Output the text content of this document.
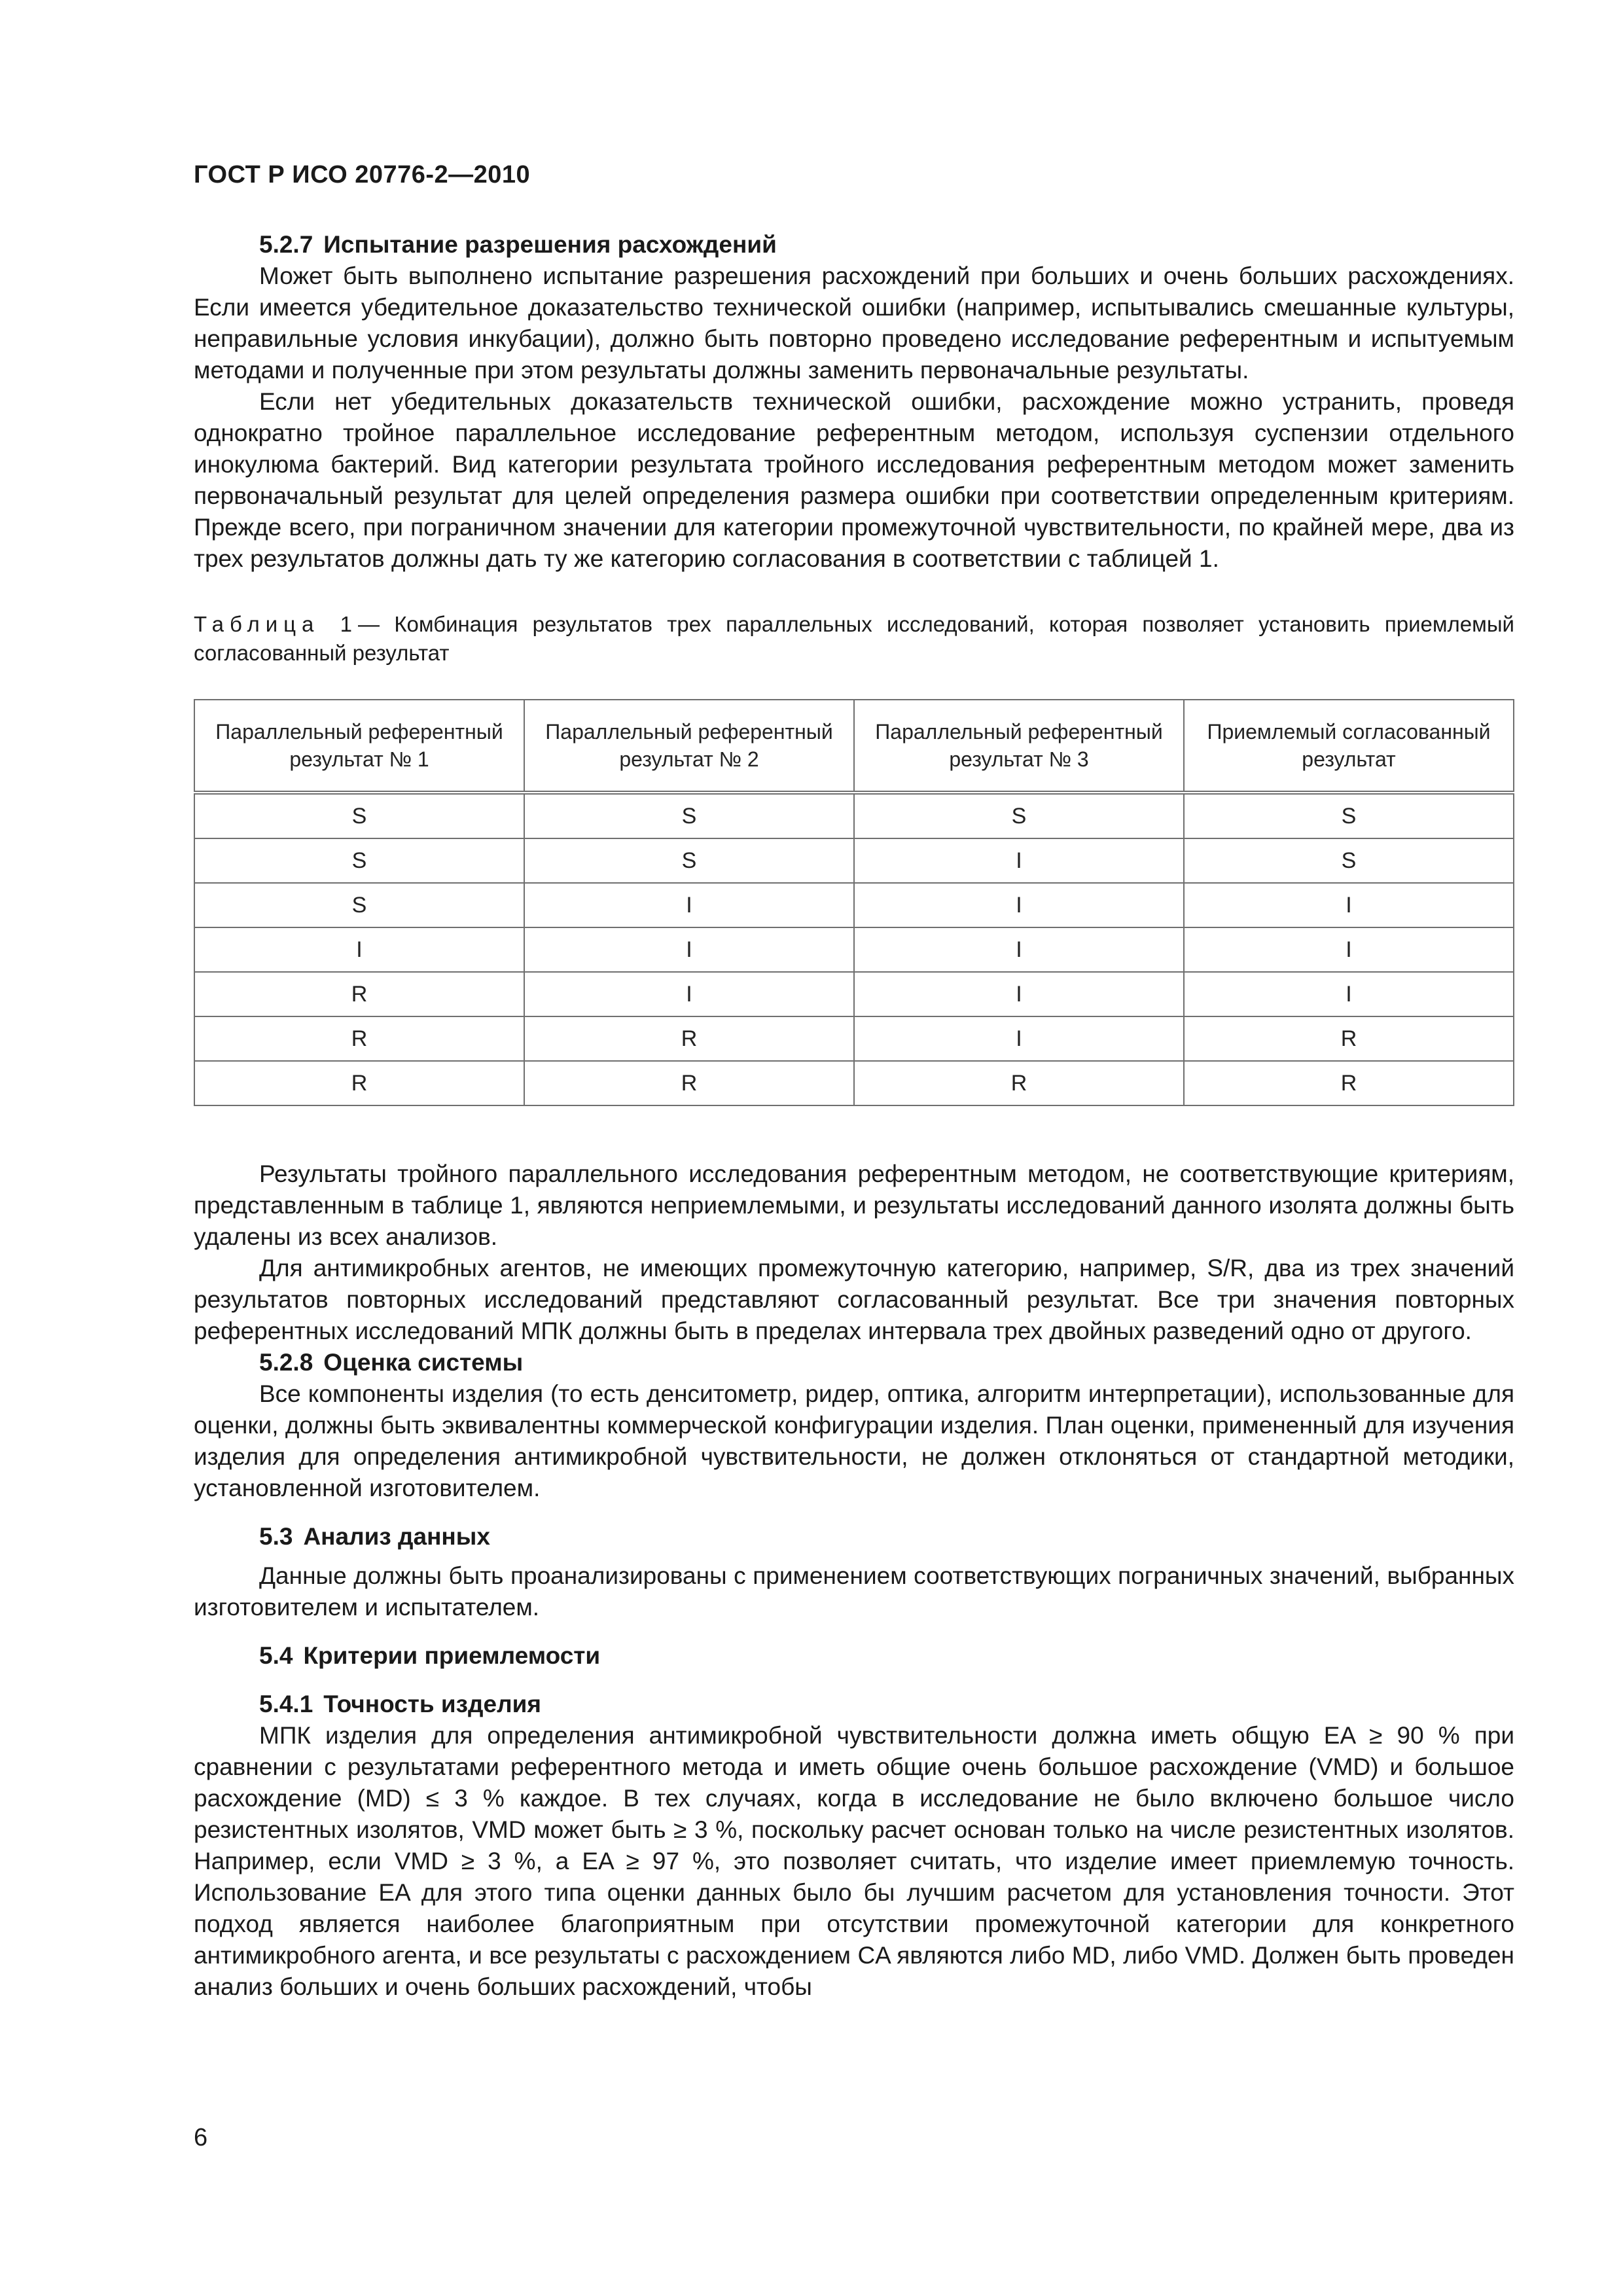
ГОСТ Р ИСО 20776-2—2010

5.2.7 Испытание разрешения расхождений

Может быть выполнено испытание разрешения расхождений при больших и очень больших расхождениях. Если имеется убедительное доказательство технической ошибки (например, испытывались смешанные культуры, неправильные условия инкубации), должно быть повторно проведено исследование референтным и испытуемым методами и полученные при этом результаты должны заменить первоначальные результаты.

Если нет убедительных доказательств технической ошибки, расхождение можно устранить, проведя однократно тройное параллельное исследование референтным методом, используя суспензии отдельного инокулюма бактерий. Вид категории результата тройного исследования референтным методом может заменить первоначальный результат для целей определения размера ошибки при соответствии определенным критериям. Прежде всего, при пограничном значении для категории промежуточной чувствительности, по крайней мере, два из трех результатов должны дать ту же категорию согласования в соответствии с таблицей 1.

Таблица 1— Комбинация результатов трех параллельных исследований, которая позволяет установить приемлемый согласованный результат

Параллельный референтный результат № 1	Параллельный референтный результат № 2	Параллельный референтный результат № 3	Приемлемый согласованный результат
S	S	S	S
S	S	I	S
S	I	I	I
I	I	I	I
R	I	I	I
R	R	I	R
R	R	R	R

Результаты тройного параллельного исследования референтным методом, не соответствующие критериям, представленным в таблице 1, являются неприемлемыми, и результаты исследований данного изолята должны быть удалены из всех анализов.

Для антимикробных агентов, не имеющих промежуточную категорию, например, S/R, два из трех значений результатов повторных исследований представляют согласованный результат. Все три значения повторных референтных исследований МПК должны быть в пределах интервала трех двойных разведений одно от другого.

5.2.8 Оценка системы

Все компоненты изделия (то есть денситометр, ридер, оптика, алгоритм интерпретации), использованные для оценки, должны быть эквивалентны коммерческой конфигурации изделия. План оценки, примененный для изучения изделия для определения антимикробной чувствительности, не должен отклоняться от стандартной методики, установленной изготовителем.

5.3 Анализ данных

Данные должны быть проанализированы с применением соответствующих пограничных значений, выбранных изготовителем и испытателем.

5.4 Критерии приемлемости

5.4.1 Точность изделия

МПК изделия для определения антимикробной чувствительности должна иметь общую EA ≥ 90 % при сравнении с результатами референтного метода и иметь общие очень большое расхождение (VMD) и большое расхождение (MD) ≤ 3 % каждое. В тех случаях, когда в исследование не было включено большое число резистентных изолятов, VMD может быть ≥ 3 %, поскольку расчет основан только на числе резистентных изолятов. Например, если VMD ≥ 3 %, а EA ≥ 97 %, это позволяет считать, что изделие имеет приемлемую точность. Использование EA для этого типа оценки данных было бы лучшим расчетом для установления точности. Этот подход является наиболее благоприятным при отсутствии промежуточной категории для конкретного антимикробного агента, и все результаты с расхождением CA являются либо MD, либо VMD. Должен быть проведен анализ больших и очень больших расхождений, чтобы

6
